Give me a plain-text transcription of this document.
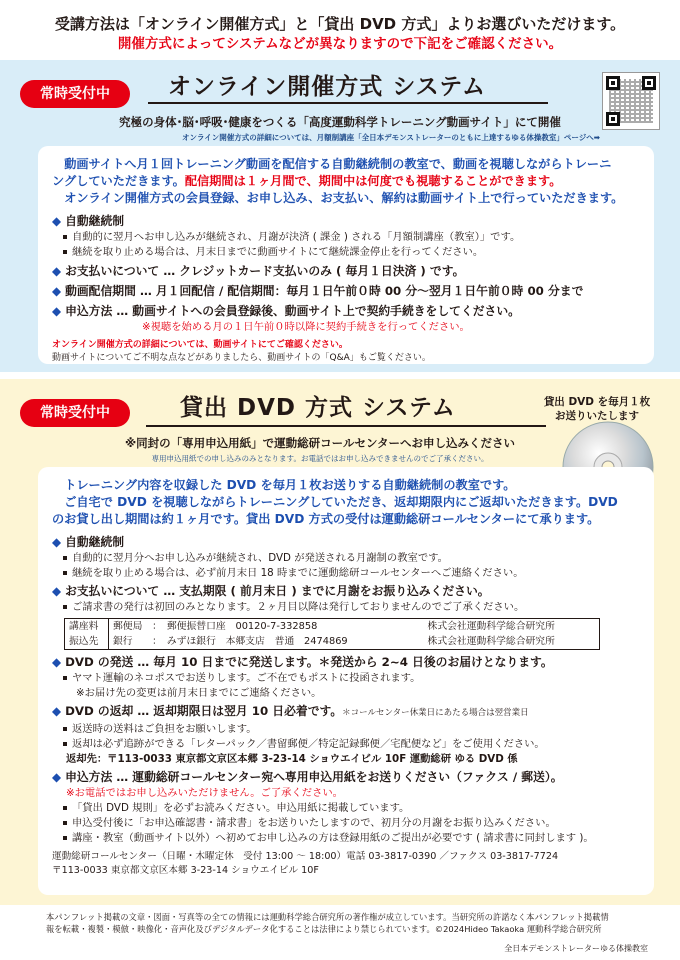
受講方法は「オンライン開催方式」と「貸出 DVD 方式」よりお選びいただけます。
開催方式によってシステムなどが異なりますので下記をご確認ください。
常時受付中	オンライン開催方式 システム
究極の身体･脳･呼吸･健康をつくる「高度運動科学トレーニング動画サイト」にて開催
オンライン開催方式の詳細については、月額制講座「全日本デモンストレーターのともに上達するゆる体操教室」ページへ➡
動画サイトへ月１回トレーニング動画を配信する自動継続制の教室で、動画を視聴しながらトレーニ
ングしていただきます。配信期間は１ヶ月間で、期間中は何度でも視聴することができます。
オンライン開催方式の会員登録、お申し込み、お支払い、解約は動画サイト上で行っていただきます。
◆ 自動継続制
自動的に翌月へお申し込みが継続され、月謝が決済 ( 課金 ) される「月額制講座（教室）」です。
継続を取り止める場合は、月末日までに動画サイトにて継続課金停止を行ってください。
◆ お支払いについて … クレジットカード支払いのみ ( 毎月１日決済 ) です。
◆ 動画配信期間 … 月１回配信 / 配信期間：毎月１日午前０時 00 分～翌月１日午前０時 00 分まで
◆ 申込方法 … 動画サイトへの会員登録後、動画サイト上で契約手続きをしてください。
※視聴を始める月の１日午前０時以降に契約手続きを行ってください。
オンライン開催方式の詳細については、動画サイトにてご確認ください。
動画サイトについてご不明な点などがありましたら、動画サイトの「Q&A」もご覧ください。
常時受付中	貸出 DVD 方式 システム	貸出 DVD を毎月１枚
お送りいたします
※同封の「専用申込用紙」で運動総研コールセンターへお申し込みください
専用申込用紙での申し込みのみとなります。お電話ではお申し込みできませんのでご了承ください。
トレーニング内容を収録した DVD を毎月１枚お送りする自動継続制の教室です。
ご自宅で DVD を視聴しながらトレーニングしていただき、返却期限内にご返却いただきます。DVD
のお貸し出し期間は約１ヶ月です。貸出 DVD 方式の受付は運動総研コールセンターにて承ります。
◆ 自動継続制
自動的に翌月分へお申し込みが継続され、DVD が発送される月謝制の教室です。
継続を取り止める場合は、必ず前月末日 18 時までに運動総研コールセンターへご連絡ください。
◆ お支払いについて … 支払期限 ( 前月末日 ) までに月謝をお振り込みください。
ご請求書の発行は初回のみとなります。２ヶ月目以降は発行しておりませんのでご了承ください。
講座料	郵便局　：　郵便振替口座　00120-7-332858	株式会社運動科学総合研究所
振込先	銀行　　：　みずほ銀行　本郷支店　普通　2474869	株式会社運動科学総合研究所
◆ DVD の発送 … 毎月 10 日までに発送します。＊発送から 2~4 日後のお届けとなります。
ヤマト運輸のネコポスでお送りします。ご不在でもポストに投函されます。
※お届け先の変更は前月末日までにご連絡ください。
◆ DVD の返却 … 返却期限日は翌月 10 日必着です。＊コールセンター休業日にあたる場合は翌営業日
返送時の送料はご負担をお願いします。
返却は必ず追跡ができる「レターパック／書留郵便／特定記録郵便／宅配便など」をご使用ください。
返却先：〒113-0033 東京都文京区本郷 3-23-14 ショウエイビル 10F 運動総研 ゆる DVD 係
◆ 申込方法 … 運動総研コールセンター宛へ専用申込用紙をお送りください（ファクス / 郵送）。
※お電話ではお申し込みいただけません。ご了承ください。
「貸出 DVD 規則」を必ずお読みください。申込用紙に掲載しています。
申込受付後に「お申込確認書・請求書」をお送りいたしますので、初月分の月謝をお振り込みください。
講座・教室（動画サイト以外）へ初めてお申し込みの方は登録用紙のご提出が必要です ( 請求書に同封します )。
運動総研コールセンター（日曜・木曜定休　受付 13:00 ～ 18:00）電話 03-3817-0390 ／ファクス 03-3817-7724
〒113-0033 東京都文京区本郷 3-23-14 ショウエイビル 10F
本パンフレット掲載の文章・図面・写真等の全ての情報には運動科学総合研究所の著作権が成立しています。当研究所の許諾なく本パンフレット掲載情
報を転載・複製・模倣・映像化・音声化及びデジタルデータ化することは法律により禁じられています。©2024Hideo Takaoka 運動科学総合研究所
全日本デモンストレーターゆる体操教室
